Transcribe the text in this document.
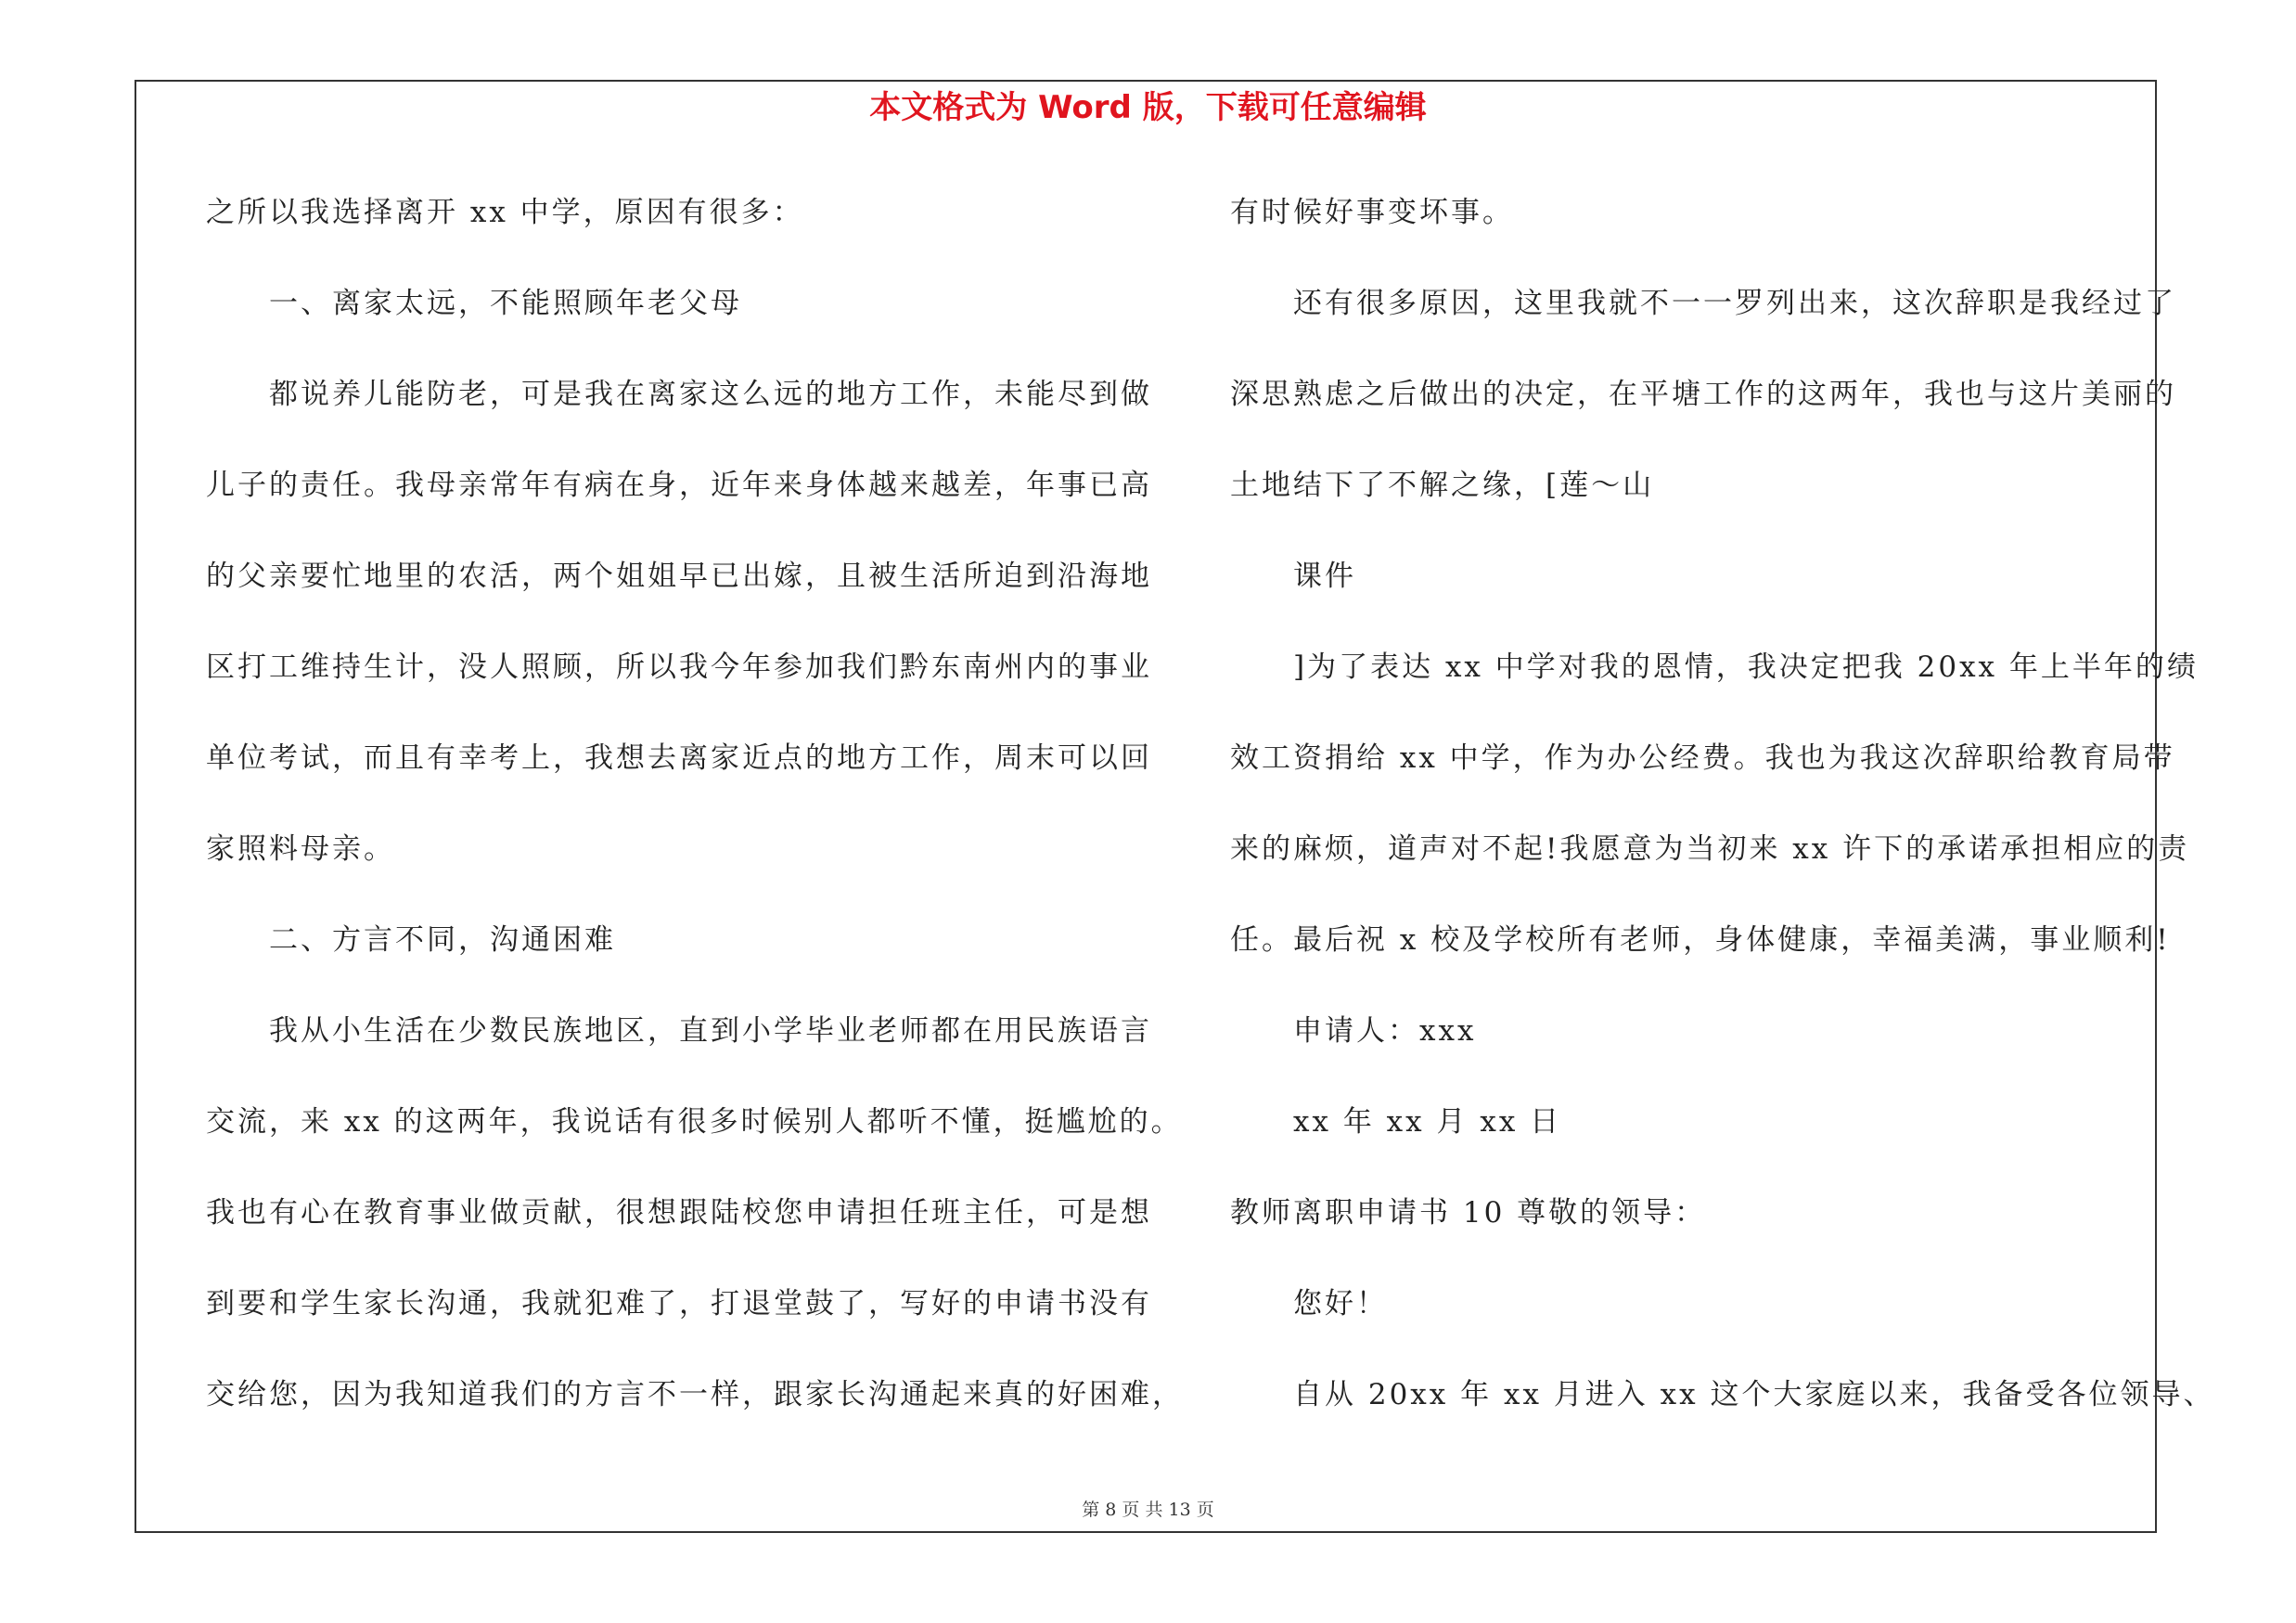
本文格式为 Word 版，下载可任意编辑
之所以我选择离开 xx 中学，原因有很多：
一、离家太远，不能照顾年老父母
都说养儿能防老，可是我在离家这么远的地方工作，未能尽到做
儿子的责任。我母亲常年有病在身，近年来身体越来越差，年事已高
的父亲要忙地里的农活，两个姐姐早已出嫁，且被生活所迫到沿海地
区打工维持生计，没人照顾，所以我今年参加我们黔东南州内的事业
单位考试，而且有幸考上，我想去离家近点的地方工作，周末可以回
家照料母亲。
二、方言不同，沟通困难
我从小生活在少数民族地区，直到小学毕业老师都在用民族语言
交流，来 xx 的这两年，我说话有很多时候别人都听不懂，挺尴尬的。
我也有心在教育事业做贡献，很想跟陆校您申请担任班主任，可是想
到要和学生家长沟通，我就犯难了，打退堂鼓了，写好的申请书没有
交给您，因为我知道我们的方言不一样，跟家长沟通起来真的好困难，
有时候好事变坏事。
还有很多原因，这里我就不一一罗列出来，这次辞职是我经过了
深思熟虑之后做出的决定，在平塘工作的这两年，我也与这片美丽的
土地结下了不解之缘，[莲～山
课件
]为了表达 xx 中学对我的恩情，我决定把我 20xx 年上半年的绩
效工资捐给 xx 中学，作为办公经费。我也为我这次辞职给教育局带
来的麻烦，道声对不起!我愿意为当初来 xx 许下的承诺承担相应的责
任。最后祝 x 校及学校所有老师，身体健康，幸福美满，事业顺利!
申请人：xxx
xx 年 xx 月 xx 日
教师离职申请书 10 尊敬的领导：
您好！
自从 20xx 年 xx 月进入 xx 这个大家庭以来，我备受各位领导、
第 8 页 共 13 页
